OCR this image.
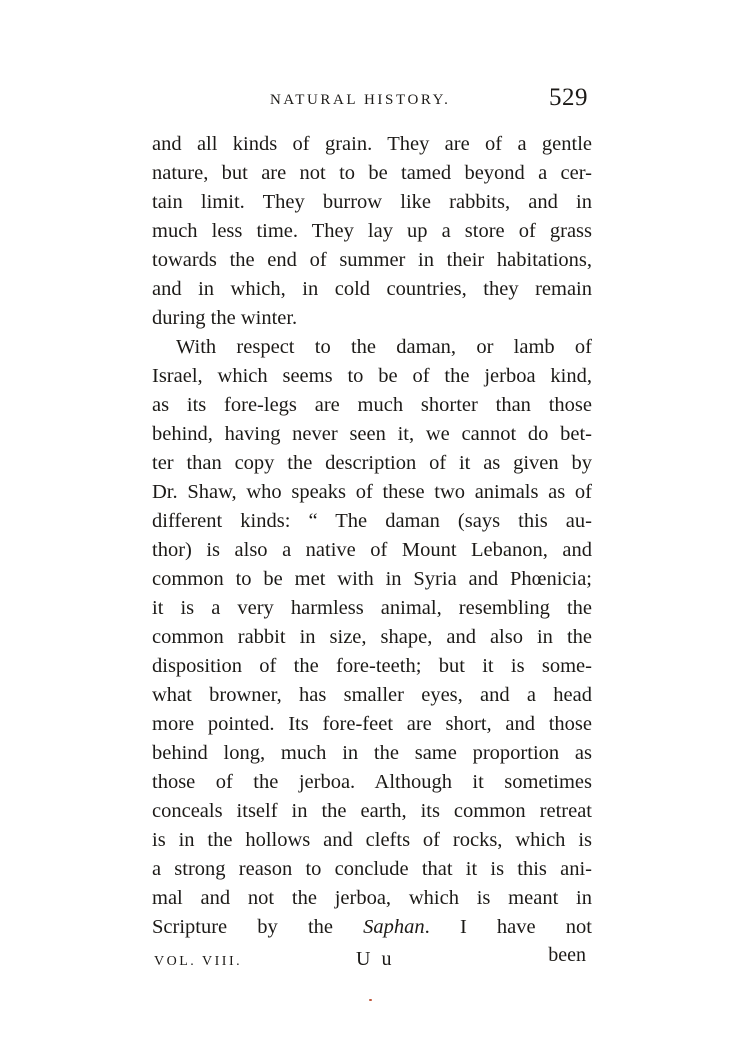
NATURAL HISTORY.	529
and all kinds of grain. They are of a gentle
nature, but are not to be tamed beyond a cer-
tain limit. They burrow like rabbits, and in
much less time. They lay up a store of grass
towards the end of summer in their habitations,
and in which, in cold countries, they remain
during the winter.
With respect to the daman, or lamb of
Israel, which seems to be of the jerboa kind,
as its fore-legs are much shorter than those
behind, having never seen it, we cannot do bet-
ter than copy the description of it as given by
Dr. Shaw, who speaks of these two animals as of
different kinds: “ The daman (says this au-
thor) is also a native of Mount Lebanon, and
common to be met with in Syria and Phœnicia;
it is a very harmless animal, resembling the
common rabbit in size, shape, and also in the
disposition of the fore-teeth; but it is some-
what browner, has smaller eyes, and a head
more pointed. Its fore-feet are short, and those
behind long, much in the same proportion as
those of the jerboa. Although it sometimes
conceals itself in the earth, its common retreat
is in the hollows and clefts of rocks, which is
a strong reason to conclude that it is this ani-
mal and not the jerboa, which is meant in
Scripture by the Saphan. I have not
VOL. VIII.	U u	been
